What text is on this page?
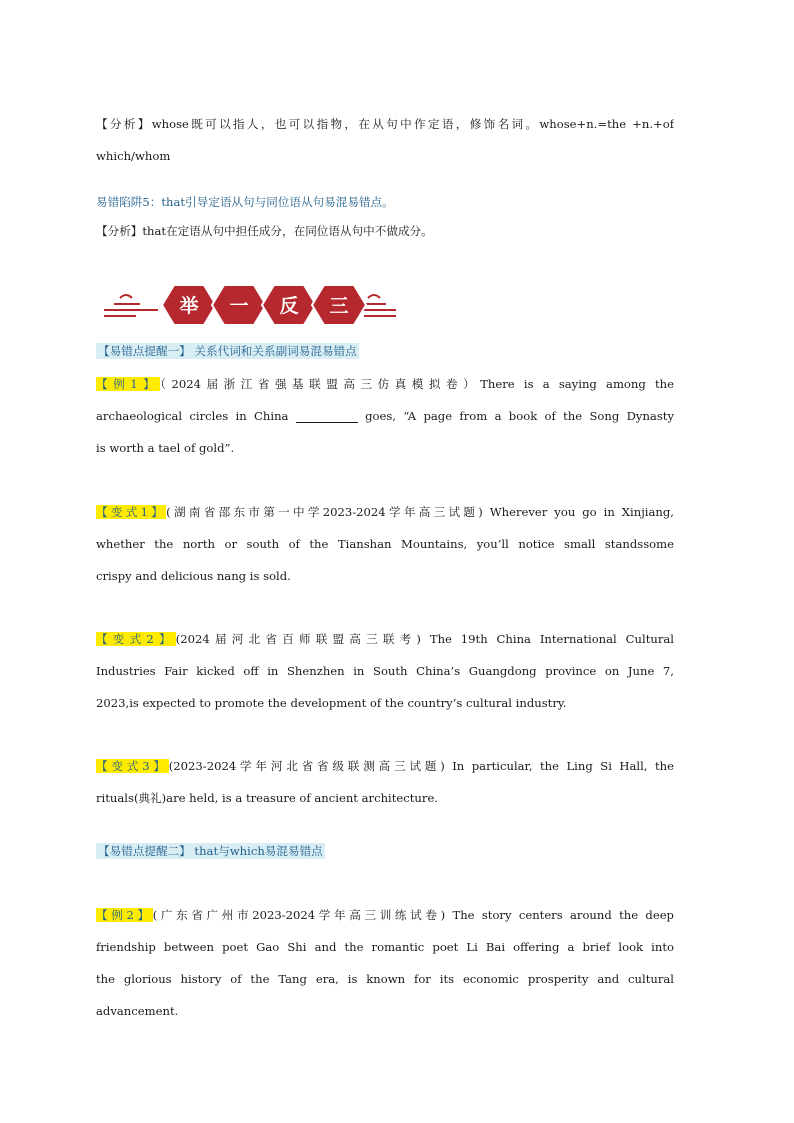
【分析】whose既可以指人，也可以指物，在从句中作定语，修饰名词。whose+n.=the +n.+of
which/whom
易错陷阱5：that引导定语从句与同位语从句易混易错点。
【分析】that在定语从句中担任成分，在同位语从句中不做成分。
举 一 反 三
【易错点提醒一】 关系代词和关系副词易混易错点
【例1】（2024届浙江省强基联盟高三仿真模拟卷）There is a saying among the
archaeological circles in China	goes, “A page from a book of the Song Dynasty
is worth a tael of gold”.
【变式1】(湖南省邵东市第一中学2023-2024学年高三试题) Wherever you go in Xinjiang,
whether the north or south of the Tianshan Mountains, you’ll notice small standssome
crispy and delicious nang is sold.
【变式2】(2024届河北省百师联盟高三联考) The 19th China International Cultural
Industries Fair kicked off in Shenzhen in South China’s Guangdong province on June 7,
2023,is expected to promote the development of the country’s cultural industry.
【变式3】(2023-2024学年河北省省级联测高三试题) In particular, the Ling Si Hall, the
rituals(典礼)are held, is a treasure of ancient architecture.
【易错点提醒二】 that与which易混易错点
【例2】(广东省广州市2023-2024学年高三训练试卷) The story centers around the deep
friendship between poet Gao Shi and the romantic poet Li Bai offering a brief look into
the glorious history of the Tang era, is known for its economic prosperity and cultural
advancement.
